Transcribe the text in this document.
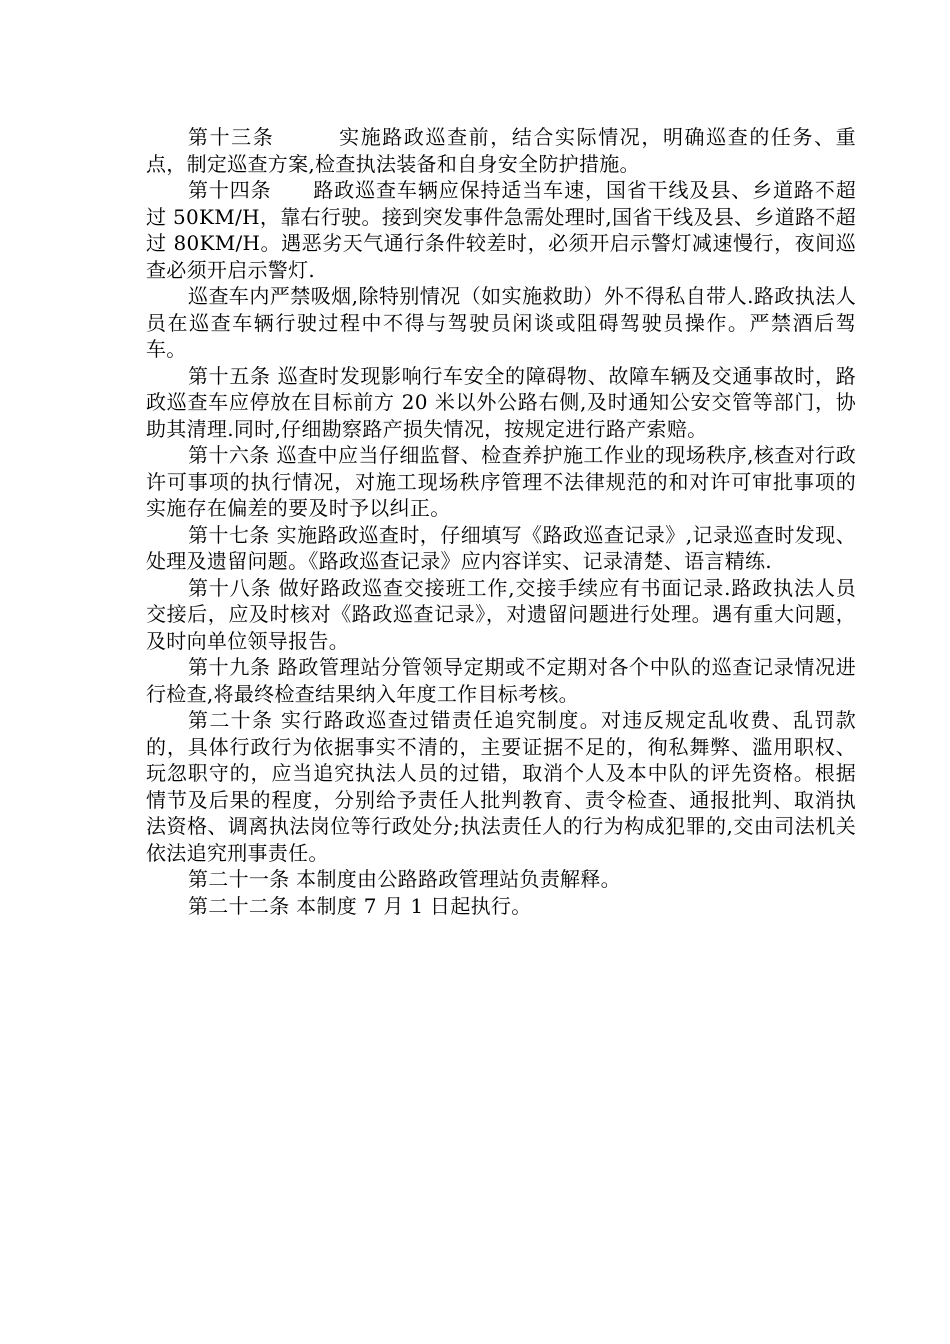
第十三条　　　实施路政巡查前，结合实际情况，明确巡查的任务、重点，制定巡查方案,检查执法装备和自身安全防护措施。

第十四条　　路政巡查车辆应保持适当车速，国省干线及县、乡道路不超过 50KM/H，靠右行驶。接到突发事件急需处理时,国省干线及县、乡道路不超过 80KM/H。遇恶劣天气通行条件较差时，必须开启示警灯减速慢行，夜间巡查必须开启示警灯.

巡查车内严禁吸烟,除特别情况（如实施救助）外不得私自带人.路政执法人员在巡查车辆行驶过程中不得与驾驶员闲谈或阻碍驾驶员操作。严禁酒后驾车。

第十五条 巡查时发现影响行车安全的障碍物、故障车辆及交通事故时，路政巡查车应停放在目标前方 20 米以外公路右侧,及时通知公安交管等部门，协助其清理.同时,仔细勘察路产损失情况，按规定进行路产索赔。

第十六条 巡查中应当仔细监督、检查养护施工作业的现场秩序,核查对行政许可事项的执行情况，对施工现场秩序管理不法律规范的和对许可审批事项的实施存在偏差的要及时予以纠正。

第十七条 实施路政巡查时，仔细填写《路政巡查记录》,记录巡查时发现、处理及遗留问题。《路政巡查记录》应内容详实、记录清楚、语言精练.

第十八条 做好路政巡查交接班工作,交接手续应有书面记录.路政执法人员交接后，应及时核对《路政巡查记录》，对遗留问题进行处理。遇有重大问题，及时向单位领导报告。

第十九条 路政管理站分管领导定期或不定期对各个中队的巡查记录情况进行检查,将最终检查结果纳入年度工作目标考核。

第二十条 实行路政巡查过错责任追究制度。对违反规定乱收费、乱罚款的，具体行政行为依据事实不清的，主要证据不足的，徇私舞弊、滥用职权、玩忽职守的，应当追究执法人员的过错，取消个人及本中队的评先资格。根据情节及后果的程度，分别给予责任人批判教育、责令检查、通报批判、取消执法资格、调离执法岗位等行政处分;执法责任人的行为构成犯罪的,交由司法机关依法追究刑事责任。

第二十一条 本制度由公路路政管理站负责解释。

第二十二条 本制度 7 月 1 日起执行。
